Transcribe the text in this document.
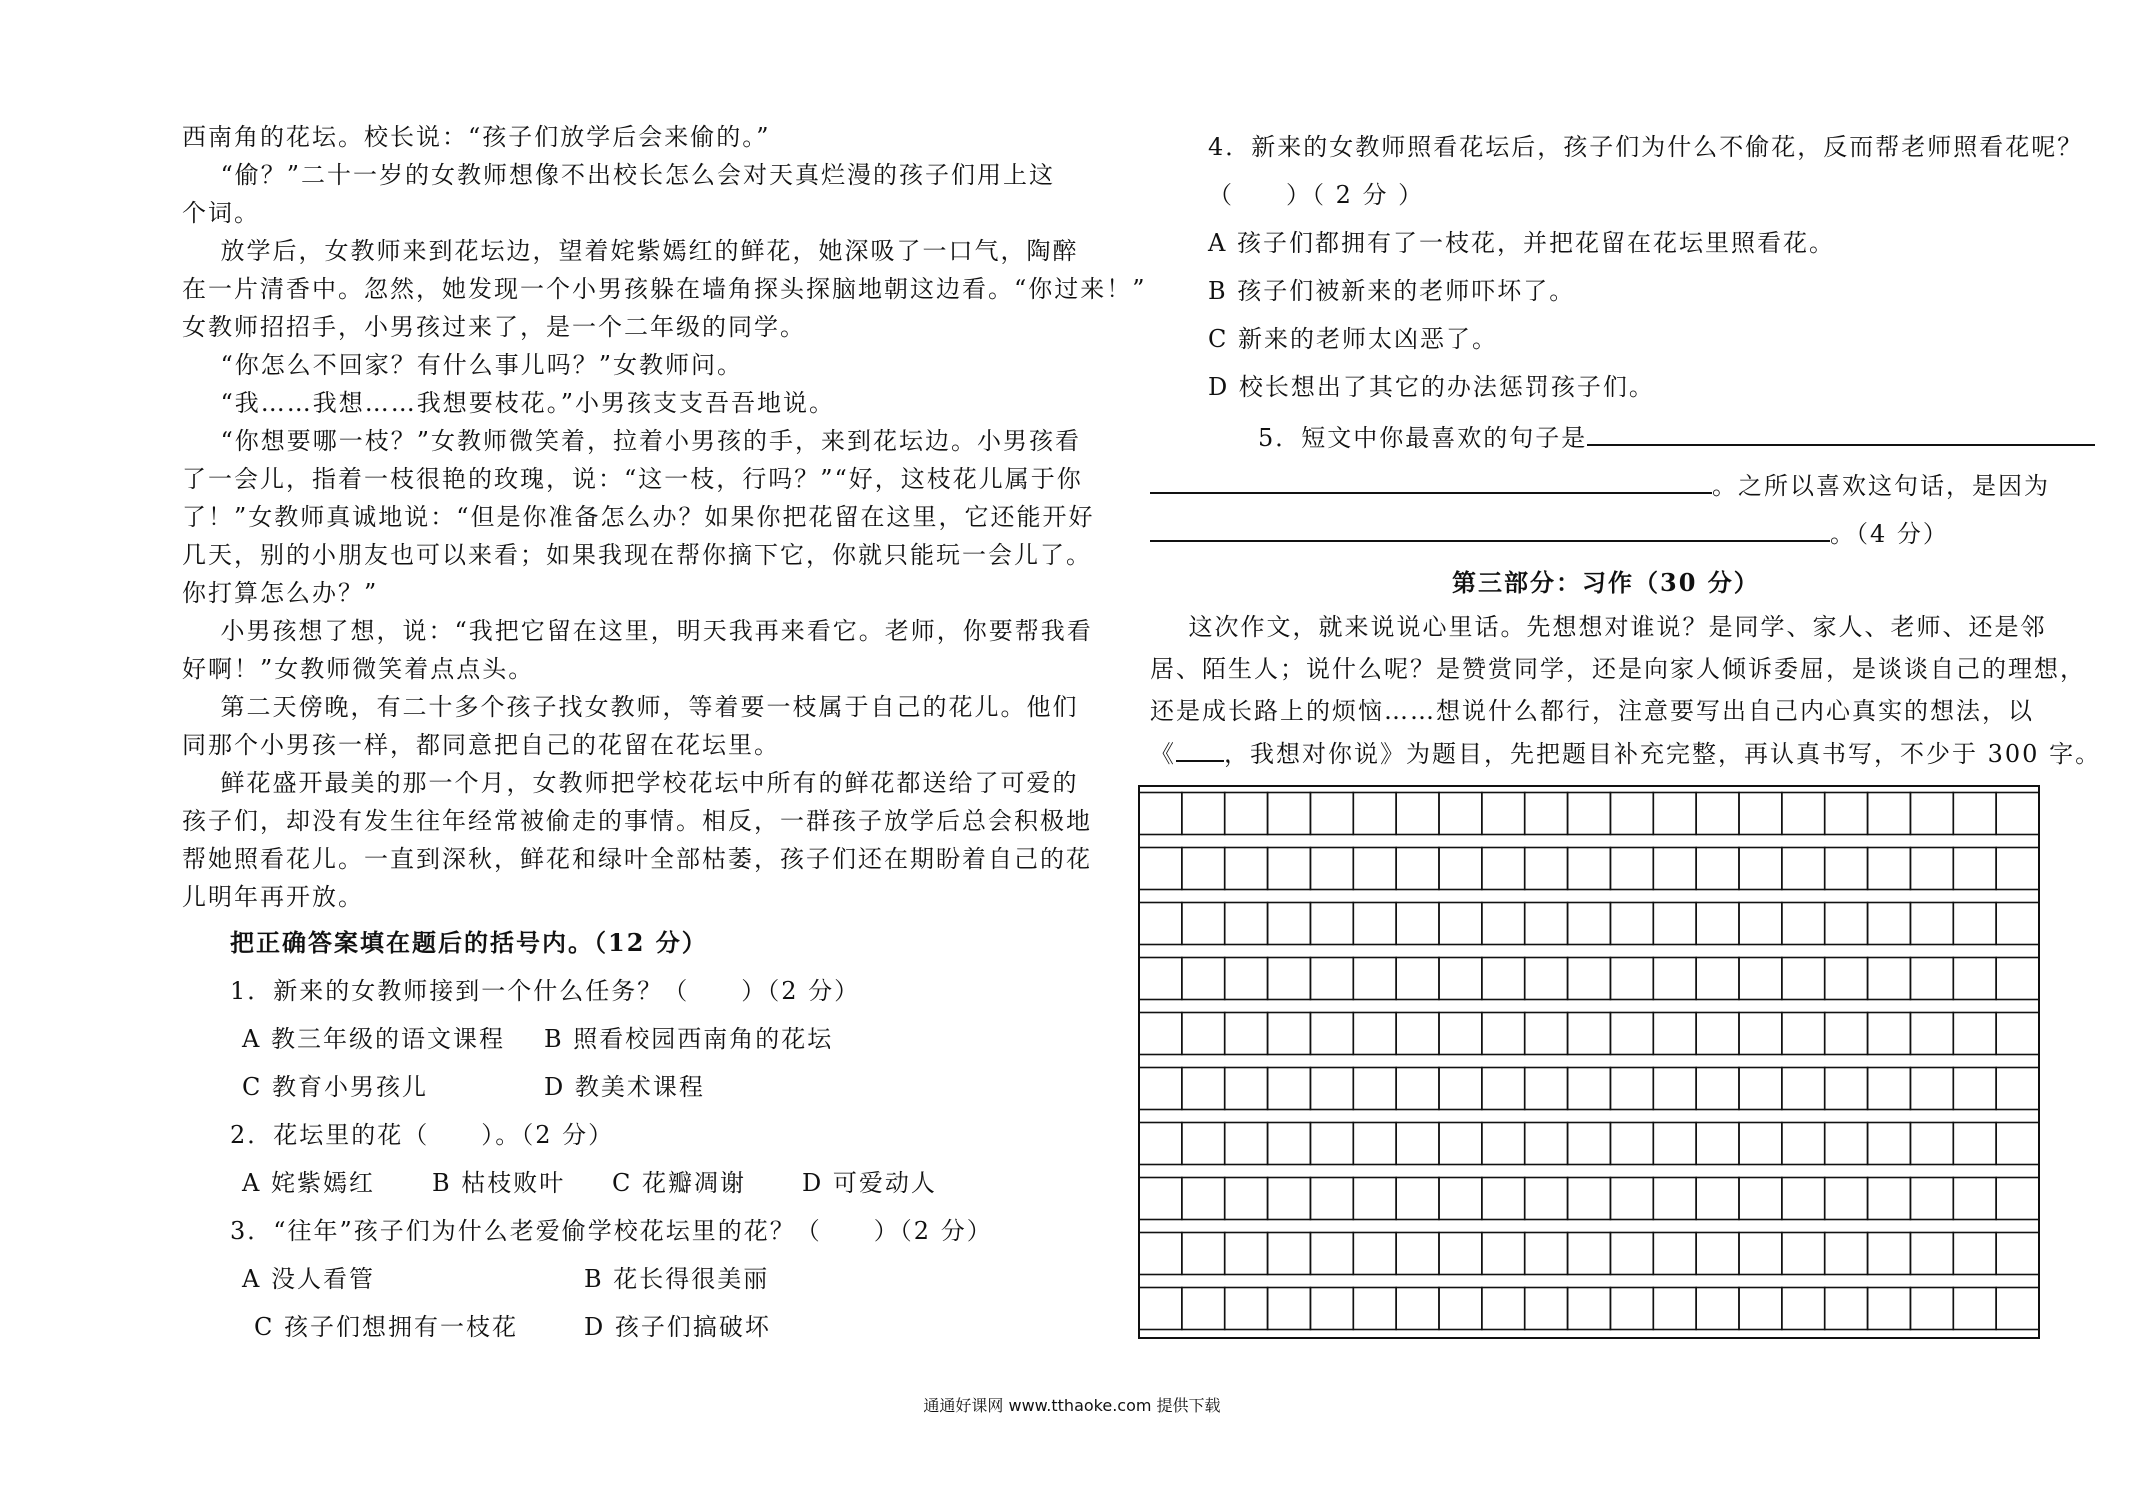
西南角的花坛。校长说：“孩子们放学后会来偷的。”
“偷？”二十一岁的女教师想像不出校长怎么会对天真烂漫的孩子们用上这
个词。
放学后，女教师来到花坛边，望着姹紫嫣红的鲜花，她深吸了一口气，陶醉
在一片清香中。忽然，她发现一个小男孩躲在墙角探头探脑地朝这边看。“你过来！”
女教师招招手，小男孩过来了，是一个二年级的同学。
“你怎么不回家？有什么事儿吗？”女教师问。
“我……我想……我想要枝花。”小男孩支支吾吾地说。
“你想要哪一枝？”女教师微笑着，拉着小男孩的手，来到花坛边。小男孩看
了一会儿，指着一枝很艳的玫瑰，说：“这一枝，行吗？”“好，这枝花儿属于你
了！”女教师真诚地说：“但是你准备怎么办？如果你把花留在这里，它还能开好
几天，别的小朋友也可以来看；如果我现在帮你摘下它，你就只能玩一会儿了。
你打算怎么办？”
小男孩想了想，说：“我把它留在这里，明天我再来看它。老师，你要帮我看
好啊！”女教师微笑着点点头。
第二天傍晚，有二十多个孩子找女教师，等着要一枝属于自己的花儿。他们
同那个小男孩一样，都同意把自己的花留在花坛里。
鲜花盛开最美的那一个月，女教师把学校花坛中所有的鲜花都送给了可爱的
孩子们，却没有发生往年经常被偷走的事情。相反，一群孩子放学后总会积极地
帮她照看花儿。一直到深秋，鲜花和绿叶全部枯萎，孩子们还在期盼着自己的花
儿明年再开放。
把正确答案填在题后的括号内。（12 分）
1．新来的女教师接到一个什么任务？（　　）（2 分）
A 教三年级的语文课程 B 照看校园西南角的花坛
C 教育小男孩儿	D 教美术课程
2．花坛里的花（　　）。（2 分）
A 姹紫嫣红 B 枯枝败叶 C 花瓣凋谢 D 可爱动人
3．“往年”孩子们为什么老爱偷学校花坛里的花？（　　）（2 分）
A 没人看管	B 花长得很美丽
C 孩子们想拥有一枝花	D 孩子们搞破坏
4．新来的女教师照看花坛后，孩子们为什么不偷花，反而帮老师照看花呢？
（　　）（ 2 分 ）
A 孩子们都拥有了一枝花，并把花留在花坛里照看花。
B 孩子们被新来的老师吓坏了。
C 新来的老师太凶恶了。
D 校长想出了其它的办法惩罚孩子们。
5．短文中你最喜欢的句子是
。之所以喜欢这句话，是因为
。（4 分）
第三部分：习作（30 分）
这次作文，就来说说心里话。先想想对谁说？是同学、家人、老师、还是邻
居、陌生人；说什么呢？是赞赏同学，还是向家人倾诉委屈，是谈谈自己的理想，
还是成长路上的烦恼……想说什么都行，注意要写出自己内心真实的想法，以
《 ，我想对你说》为题目，先把题目补充完整，再认真书写，不少于 300 字。
通通好课网 www.tthaoke.com 提供下载
